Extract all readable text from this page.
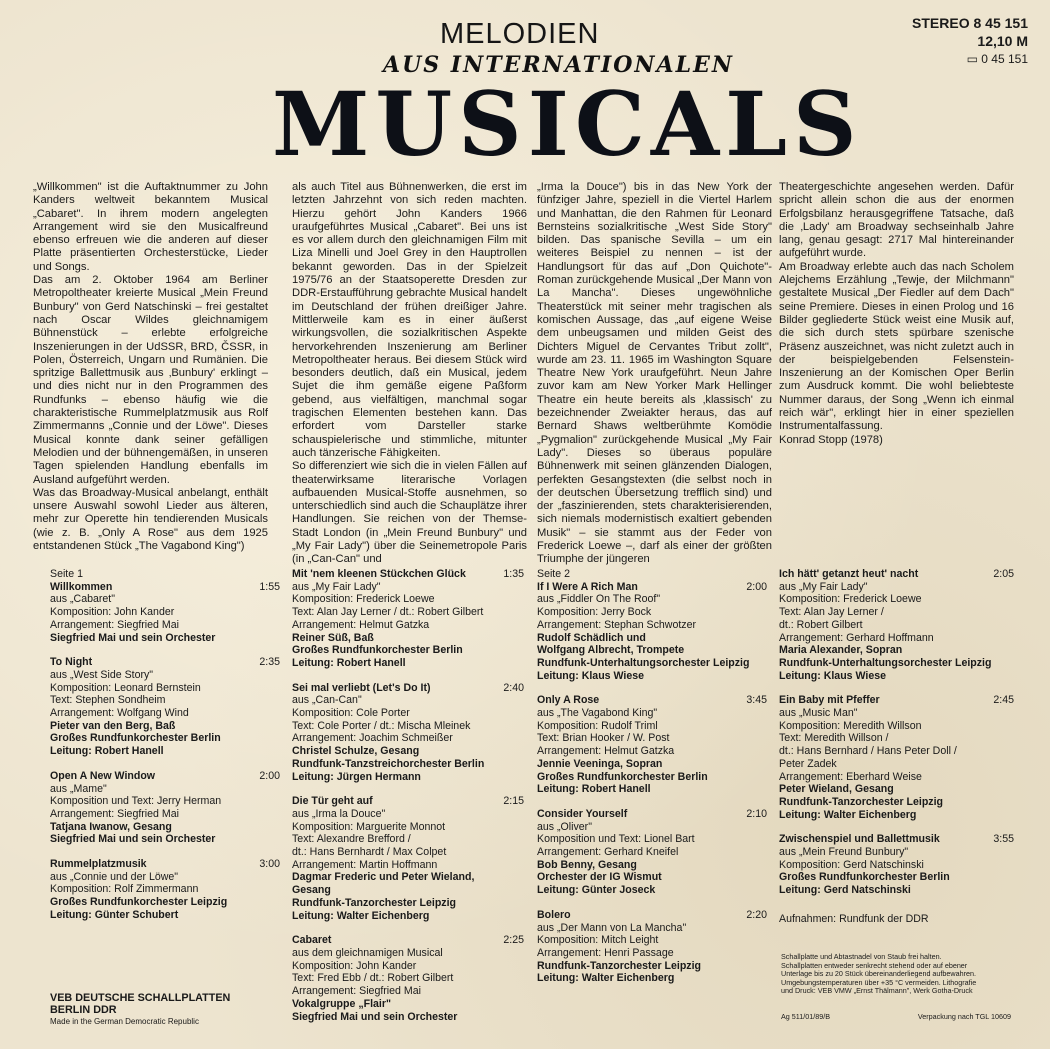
MELODIEN
AUS INTERNATIONALEN
MUSICALS
STEREO 8 45 151
12,10 M
▭ 0 45 151

„Willkommen" ist die Auftaktnummer zu John Kanders weltweit bekanntem Musical „Cabaret". In ihrem modern angelegten Arrangement wird sie den Musicalfreund ebenso erfreuen wie die anderen auf dieser Platte präsentierten Orchesterstücke, Lieder und Songs.

Das am 2. Oktober 1964 am Berliner Metropoltheater kreierte Musical „Mein Freund Bunbury" von Gerd Natschinski – frei gestaltet nach Oscar Wildes gleichnamigem Bühnenstück – erlebte erfolgreiche Inszenierungen in der UdSSR, BRD, ČSSR, in Polen, Österreich, Ungarn und Rumänien. Die spritzige Ballettmusik aus ‚Bunbury' erklingt – und dies nicht nur in den Programmen des Rundfunks – ebenso häufig wie die charakteristische Rummelplatzmusik aus Rolf Zimmermanns „Connie und der Löwe". Dieses Musical konnte dank seiner gefälligen Melodien und der bühnengemäßen, in unseren Tagen spielenden Handlung ebenfalls im Ausland aufgeführt werden.

Was das Broadway-Musical anbelangt, enthält unsere Auswahl sowohl Lieder aus älteren, mehr zur Operette hin tendierenden Musicals (wie z. B. „Only A Rose" aus dem 1925 entstandenen Stück „The Vagabond King")

als auch Titel aus Bühnenwerken, die erst im letzten Jahrzehnt von sich reden machten. Hierzu gehört John Kanders 1966 uraufgeführtes Musical „Cabaret". Bei uns ist es vor allem durch den gleichnamigen Film mit Liza Minelli und Joel Grey in den Hauptrollen bekannt geworden. Das in der Spielzeit 1975/76 an der Staatsoperette Dresden zur DDR-Erstaufführung gebrachte Musical handelt im Deutschland der frühen dreißiger Jahre. Mittlerweile kam es in einer äußerst wirkungsvollen, die sozialkritischen Aspekte hervorkehrenden Inszenierung am Berliner Metropoltheater heraus. Bei diesem Stück wird besonders deutlich, daß ein Musical, jedem Sujet die ihm gemäße eigene Paßform gebend, aus vielfältigen, manchmal sogar tragischen Elementen bestehen kann. Das erfordert vom Darsteller starke schauspielerische und stimmliche, mitunter auch tänzerische Fähigkeiten.

So differenziert wie sich die in vielen Fällen auf theaterwirksame literarische Vorlagen aufbauenden Musical-Stoffe ausnehmen, so unterschiedlich sind auch die Schauplätze ihrer Handlungen. Sie reichen von der Themse-Stadt London (in „Mein Freund Bunbury" und „My Fair Lady") über die Seinemetropole Paris (in „Can-Can" und

„Irma la Douce") bis in das New York der fünfziger Jahre, speziell in die Viertel Harlem und Manhattan, die den Rahmen für Leonard Bernsteins sozialkritische „West Side Story" bilden. Das spanische Sevilla – um ein weiteres Beispiel zu nennen – ist der Handlungsort für das auf „Don Quichote"-Roman zurückgehende Musical „Der Mann von La Mancha". Dieses ungewöhnliche Theaterstück mit seiner mehr tragischen als komischen Aussage, das „auf eigene Weise dem unbeugsamen und milden Geist des Dichters Miguel de Cervantes Tribut zollt", wurde am 23. 11. 1965 im Washington Square Theatre New York uraufgeführt. Neun Jahre zuvor kam am New Yorker Mark Hellinger Theatre ein heute bereits als ‚klassisch' zu bezeichnender Zweiakter heraus, das auf Bernard Shaws weltberühmte Komödie „Pygmalion" zurückgehende Musical „My Fair Lady". Dieses so überaus populäre Bühnenwerk mit seinen glänzenden Dialogen, perfekten Gesangstexten (die selbst noch in der deutschen Übersetzung trefflich sind) und der „faszinierenden, stets charakterisierenden, sich niemals modernistisch exaltiert gebenden Musik" – sie stammt aus der Feder von Frederick Loewe –, darf als einer der größten Triumphe der jüngeren

Theatergeschichte angesehen werden. Dafür spricht allein schon die aus der enormen Erfolgsbilanz herausgegriffene Tatsache, daß die ‚Lady' am Broadway sechseinhalb Jahre lang, genau gesagt: 2717 Mal hintereinander aufgeführt wurde.

Am Broadway erlebte auch das nach Scholem Alejchems Erzählung „Tewje, der Milchmann" gestaltete Musical „Der Fiedler auf dem Dach" seine Premiere. Dieses in einen Prolog und 16 Bilder gegliederte Stück weist eine Musik auf, die sich durch stets spürbare szenische Präsenz auszeichnet, was nicht zuletzt auch in der beispielgebenden Felsenstein-Inszenierung an der Komischen Oper Berlin zum Ausdruck kommt. Die wohl beliebteste Nummer daraus, der Song „Wenn ich einmal reich wär", erklingt hier in einer speziellen Instrumentalfassung.

Konrad Stopp (1978)

Seite 1
Willkommen	1:55
aus „Cabaret"
Komposition: John Kander
Arrangement: Siegfried Mai
Siegfried Mai und sein Orchester
To Night	2:35
aus „West Side Story"
Komposition: Leonard Bernstein
Text: Stephen Sondheim
Arrangement: Wolfgang Wind
Pieter van den Berg, Baß
Großes Rundfunkorchester Berlin
Leitung: Robert Hanell
Open A New Window	2:00
aus „Mame"
Komposition und Text: Jerry Herman
Arrangement: Siegfried Mai
Tatjana Iwanow, Gesang
Siegfried Mai und sein Orchester
Rummelplatzmusik	3:00
aus „Connie und der Löwe"
Komposition: Rolf Zimmermann
Großes Rundfunkorchester Leipzig
Leitung: Günter Schubert
Mit 'nem kleenen Stückchen Glück	1:35
aus „My Fair Lady"
Komposition: Frederick Loewe
Text: Alan Jay Lerner / dt.: Robert Gilbert
Arrangement: Helmut Gatzka
Reiner Süß, Baß
Großes Rundfunkorchester Berlin
Leitung: Robert Hanell
Sei mal verliebt (Let's Do It)	2:40
aus „Can-Can"
Komposition: Cole Porter
Text: Cole Porter / dt.: Mischa Mleinek
Arrangement: Joachim Schmeißer
Christel Schulze, Gesang
Rundfunk-Tanzstreichorchester Berlin
Leitung: Jürgen Hermann
Die Tür geht auf	2:15
aus „Irma la Douce"
Komposition: Marguerite Monnot
Text: Alexandre Brefford /
dt.: Hans Bernhardt / Max Colpet
Arrangement: Martin Hoffmann
Dagmar Frederic und Peter Wieland,
Gesang
Rundfunk-Tanzorchester Leipzig
Leitung: Walter Eichenberg
Cabaret	2:25
aus dem gleichnamigen Musical
Komposition: John Kander
Text: Fred Ebb / dt.: Robert Gilbert
Arrangement: Siegfried Mai
Vokalgruppe „Flair"
Siegfried Mai und sein Orchester
Seite 2
If I Were A Rich Man	2:00
aus „Fiddler On The Roof"
Komposition: Jerry Bock
Arrangement: Stephan Schwotzer
Rudolf Schädlich und
Wolfgang Albrecht, Trompete
Rundfunk-Unterhaltungsorchester Leipzig
Leitung: Klaus Wiese
Only A Rose	3:45
aus „The Vagabond King"
Komposition: Rudolf Triml
Text: Brian Hooker / W. Post
Arrangement: Helmut Gatzka
Jennie Veeninga, Sopran
Großes Rundfunkorchester Berlin
Leitung: Robert Hanell
Consider Yourself	2:10
aus „Oliver"
Komposition und Text: Lionel Bart
Arrangement: Gerhard Kneifel
Bob Benny, Gesang
Orchester der IG Wismut
Leitung: Günter Joseck
Bolero	2:20
aus „Der Mann von La Mancha"
Komposition: Mitch Leight
Arrangement: Henri Passage
Rundfunk-Tanzorchester Leipzig
Leitung: Walter Eichenberg
Ich hätt' getanzt heut' nacht	2:05
aus „My Fair Lady"
Komposition: Frederick Loewe
Text: Alan Jay Lerner /
dt.: Robert Gilbert
Arrangement: Gerhard Hoffmann
Maria Alexander, Sopran
Rundfunk-Unterhaltungsorchester Leipzig
Leitung: Klaus Wiese
Ein Baby mit Pfeffer	2:45
aus „Music Man"
Komposition: Meredith Willson
Text: Meredith Willson /
dt.: Hans Bernhard / Hans Peter Doll /
Peter Zadek
Arrangement: Eberhard Weise
Peter Wieland, Gesang
Rundfunk-Tanzorchester Leipzig
Leitung: Walter Eichenberg
Zwischenspiel und Ballettmusik	3:55
aus „Mein Freund Bunbury"
Komposition: Gerd Natschinski
Großes Rundfunkorchester Berlin
Leitung: Gerd Natschinski
Aufnahmen: Rundfunk der DDR
VEB DEUTSCHE SCHALLPLATTEN
BERLIN DDR
Made in the German Democratic Republic
Schallplatte und Abtastnadel von Staub frei halten. Schallplatten entweder senkrecht stehend oder auf ebener Unterlage bis zu 20 Stück übereinanderliegend aufbewahren. Umgebungstemperaturen über +35 °C vermeiden. Lithografie und Druck: VEB VMW „Ernst Thälmann", Werk Gotha-Druck
Ag 511/01/89/B	Verpackung nach TGL 10609
